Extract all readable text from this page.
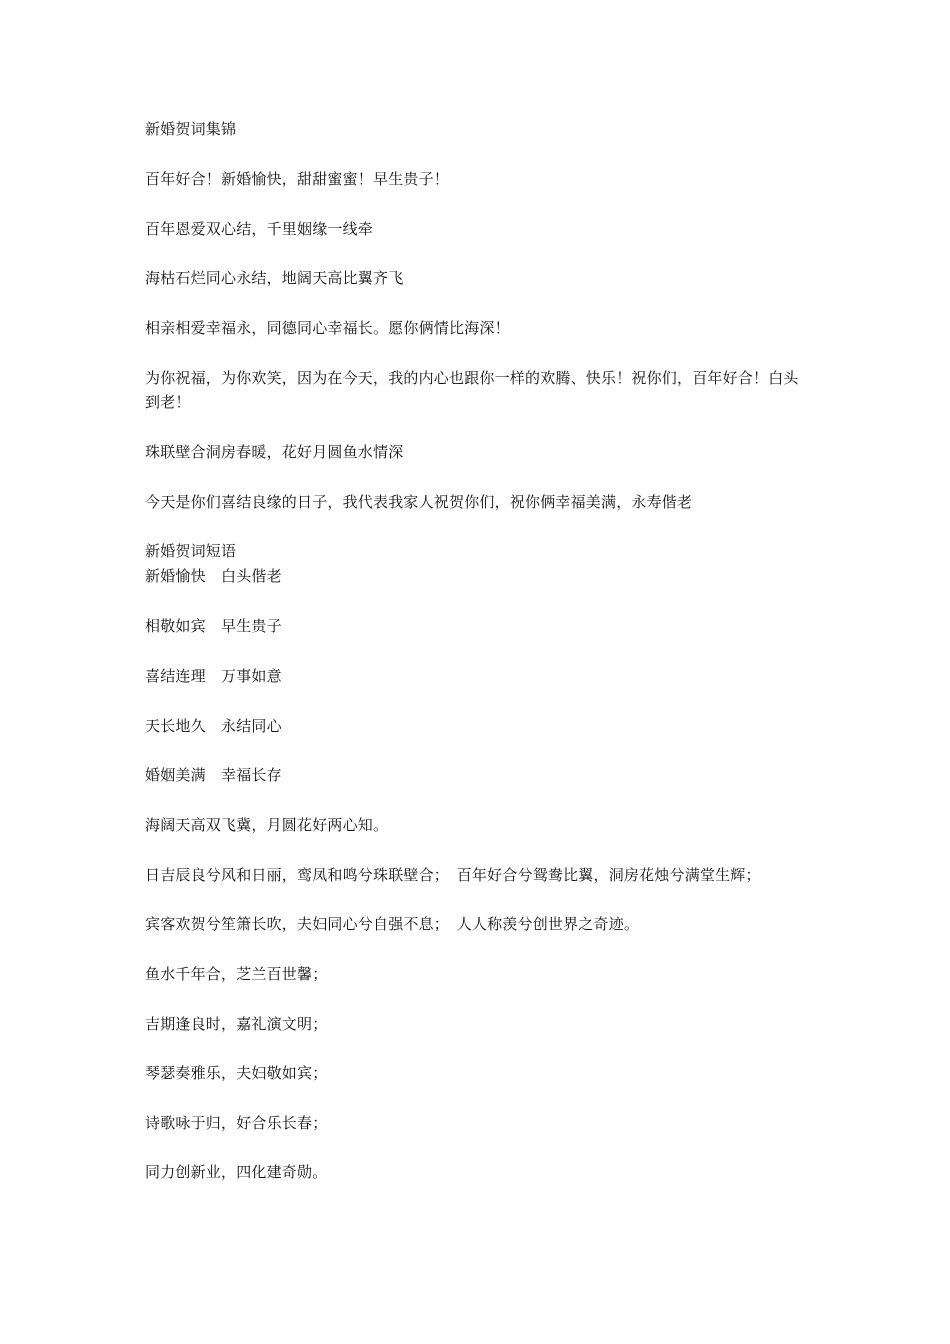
新婚贺词集锦
百年好合！新婚愉快，甜甜蜜蜜！早生贵子！
百年恩爱双心结，千里姻缘一线牵
海枯石烂同心永结，地阔天高比翼齐飞
相亲相爱幸福永，同德同心幸福长。愿你俩情比海深！
为你祝福，为你欢笑，因为在今天，我的内心也跟你一样的欢腾、快乐！祝你们，百年好合！白头到老！
珠联壁合洞房春暖，花好月圆鱼水情深
今天是你们喜结良缘的日子，我代表我家人祝贺你们，祝你俩幸福美满，永寿偕老
新婚贺词短语
新婚愉快　白头偕老
相敬如宾　早生贵子
喜结连理　万事如意
天长地久　永结同心
婚姻美满　幸福长存
海阔天高双飞冀，月圆花好两心知。
日吉辰良兮风和日丽，鸾凤和鸣兮珠联壁合；　百年好合兮鸳鸯比翼，洞房花烛兮满堂生辉；
宾客欢贺兮笙箫长吹，夫妇同心兮自强不息；　人人称羡兮创世界之奇迹。
鱼水千年合，芝兰百世馨；
吉期逢良时，嘉礼演文明；
琴瑟奏雅乐，夫妇敬如宾；
诗歌咏于归，好合乐长春；
同力创新业，四化建奇勋。
